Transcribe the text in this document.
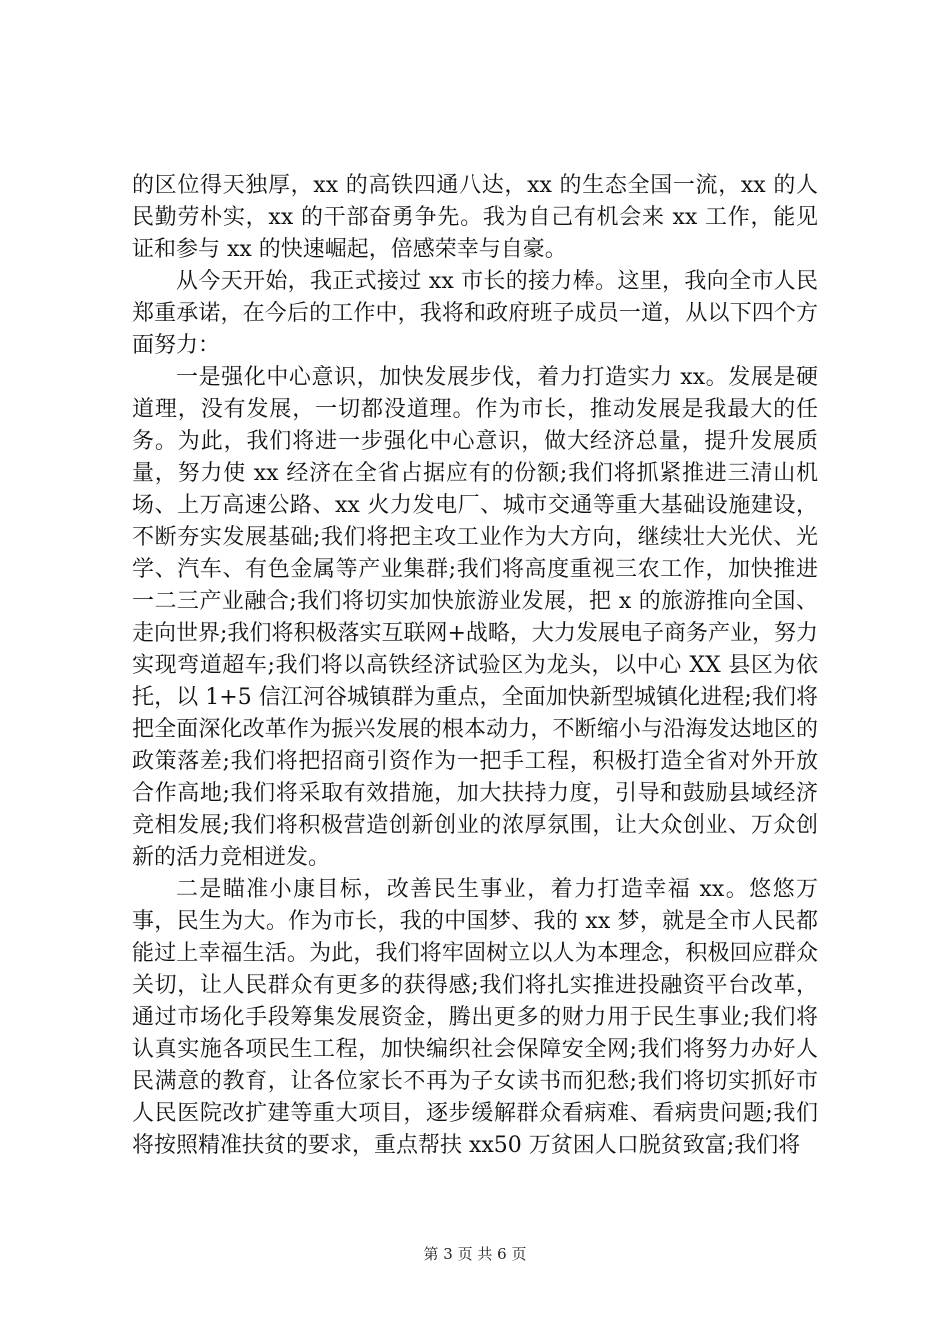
的区位得天独厚，xx 的高铁四通八达，xx 的生态全国一流，xx 的人民勤劳朴实，xx 的干部奋勇争先。我为自己有机会来 xx 工作，能见证和参与 xx 的快速崛起，倍感荣幸与自豪。

从今天开始，我正式接过 xx 市长的接力棒。这里，我向全市人民郑重承诺，在今后的工作中，我将和政府班子成员一道，从以下四个方面努力：

一是强化中心意识，加快发展步伐，着力打造实力 xx。发展是硬道理，没有发展，一切都没道理。作为市长，推动发展是我最大的任务。为此，我们将进一步强化中心意识，做大经济总量，提升发展质量，努力使 xx 经济在全省占据应有的份额;我们将抓紧推进三清山机场、上万高速公路、xx 火力发电厂、城市交通等重大基础设施建设，不断夯实发展基础;我们将把主攻工业作为大方向，继续壮大光伏、光学、汽车、有色金属等产业集群;我们将高度重视三农工作，加快推进一二三产业融合;我们将切实加快旅游业发展，把 x 的旅游推向全国、走向世界;我们将积极落实互联网+战略，大力发展电子商务产业，努力实现弯道超车;我们将以高铁经济试验区为龙头，以中心 XX 县区为依托，以 1+5 信江河谷城镇群为重点，全面加快新型城镇化进程;我们将把全面深化改革作为振兴发展的根本动力，不断缩小与沿海发达地区的政策落差;我们将把招商引资作为一把手工程，积极打造全省对外开放合作高地;我们将采取有效措施，加大扶持力度，引导和鼓励县域经济竞相发展;我们将积极营造创新创业的浓厚氛围，让大众创业、万众创新的活力竞相迸发。

二是瞄准小康目标，改善民生事业，着力打造幸福 xx。悠悠万事，民生为大。作为市长，我的中国梦、我的 xx 梦，就是全市人民都能过上幸福生活。为此，我们将牢固树立以人为本理念，积极回应群众关切，让人民群众有更多的获得感;我们将扎实推进投融资平台改革，通过市场化手段筹集发展资金，腾出更多的财力用于民生事业;我们将认真实施各项民生工程，加快编织社会保障安全网;我们将努力办好人民满意的教育，让各位家长不再为子女读书而犯愁;我们将切实抓好市人民医院改扩建等重大项目，逐步缓解群众看病难、看病贵问题;我们将按照精准扶贫的要求，重点帮扶 xx50 万贫困人口脱贫致富;我们将

第 3 页 共 6 页
